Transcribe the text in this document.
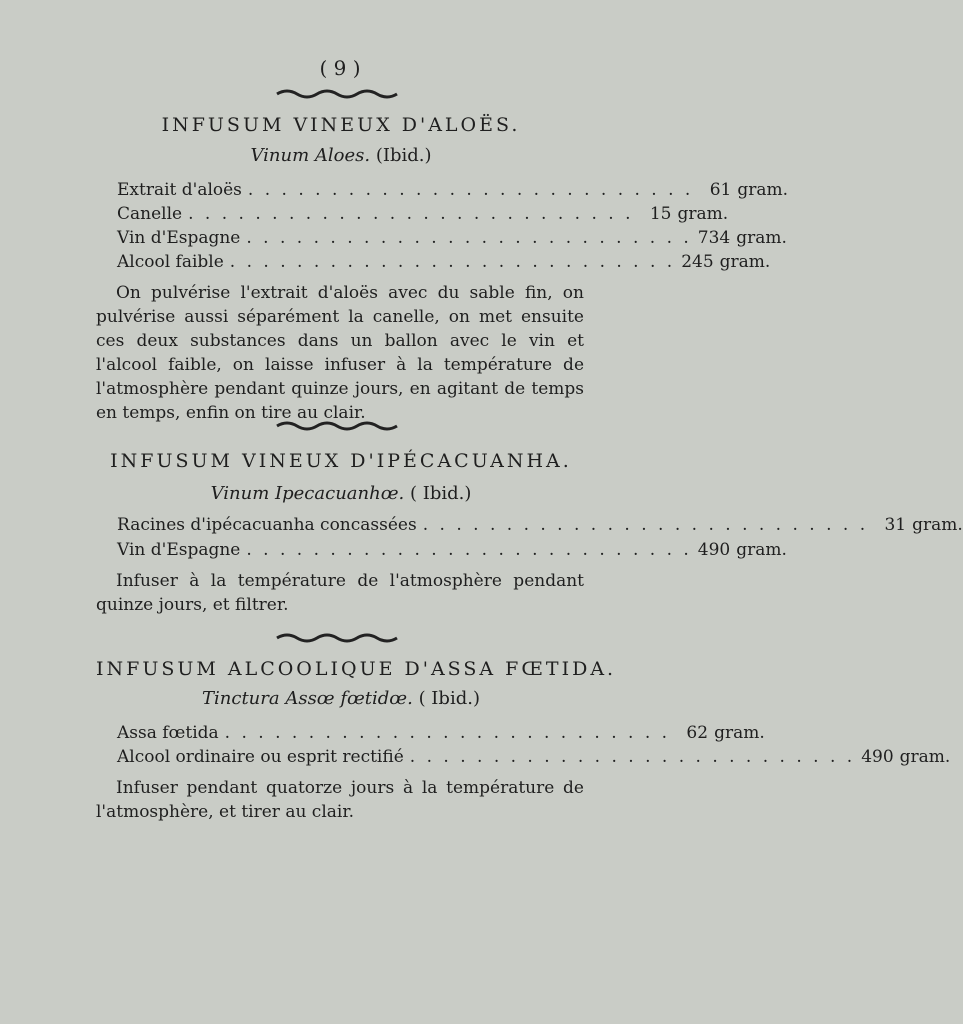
( 9 )
INFUSUM VINEUX D'ALOËS.
Vinum Aloes. (Ibid.)
Extrait d'aloës . . . . . . . . . . . . . . . . . . . . . . . . . . . 61 gram.
Canelle . . . . . . . . . . . . . . . . . . . . . . . . . . . 15 gram.
Vin d'Espagne . . . . . . . . . . . . . . . . . . . . . . . . . . . 734 gram.
Alcool faible . . . . . . . . . . . . . . . . . . . . . . . . . . . 245 gram.
On pulvérise l'extrait d'aloës avec du sable fin, on pulvérise aussi séparément la canelle, on met ensuite ces deux substances dans un ballon avec le vin et l'alcool faible, on laisse infuser à la température de l'atmosphère pendant quinze jours, en agitant de temps en temps, enfin on tire au clair.
INFUSUM VINEUX D'IPÉCACUANHA.
Vinum Ipecacuanhœ. ( Ibid.)
Racines d'ipécacuanha concassées . . . . . . . . . . . . . . . . . . . . . . . . . . . 31 gram.
Vin d'Espagne . . . . . . . . . . . . . . . . . . . . . . . . . . . 490 gram.
Infuser à la température de l'atmosphère pendant quinze jours, et filtrer.
INFUSUM ALCOOLIQUE D'ASSA FŒTIDA.
Tinctura Assœ fœtidœ. ( Ibid.)
Assa fœtida . . . . . . . . . . . . . . . . . . . . . . . . . . . 62 gram.
Alcool ordinaire ou esprit rectifié . . . . . . . . . . . . . . . . . . . . . . . . . . . 490 gram.
Infuser pendant quatorze jours à la température de l'atmosphère, et tirer au clair.
